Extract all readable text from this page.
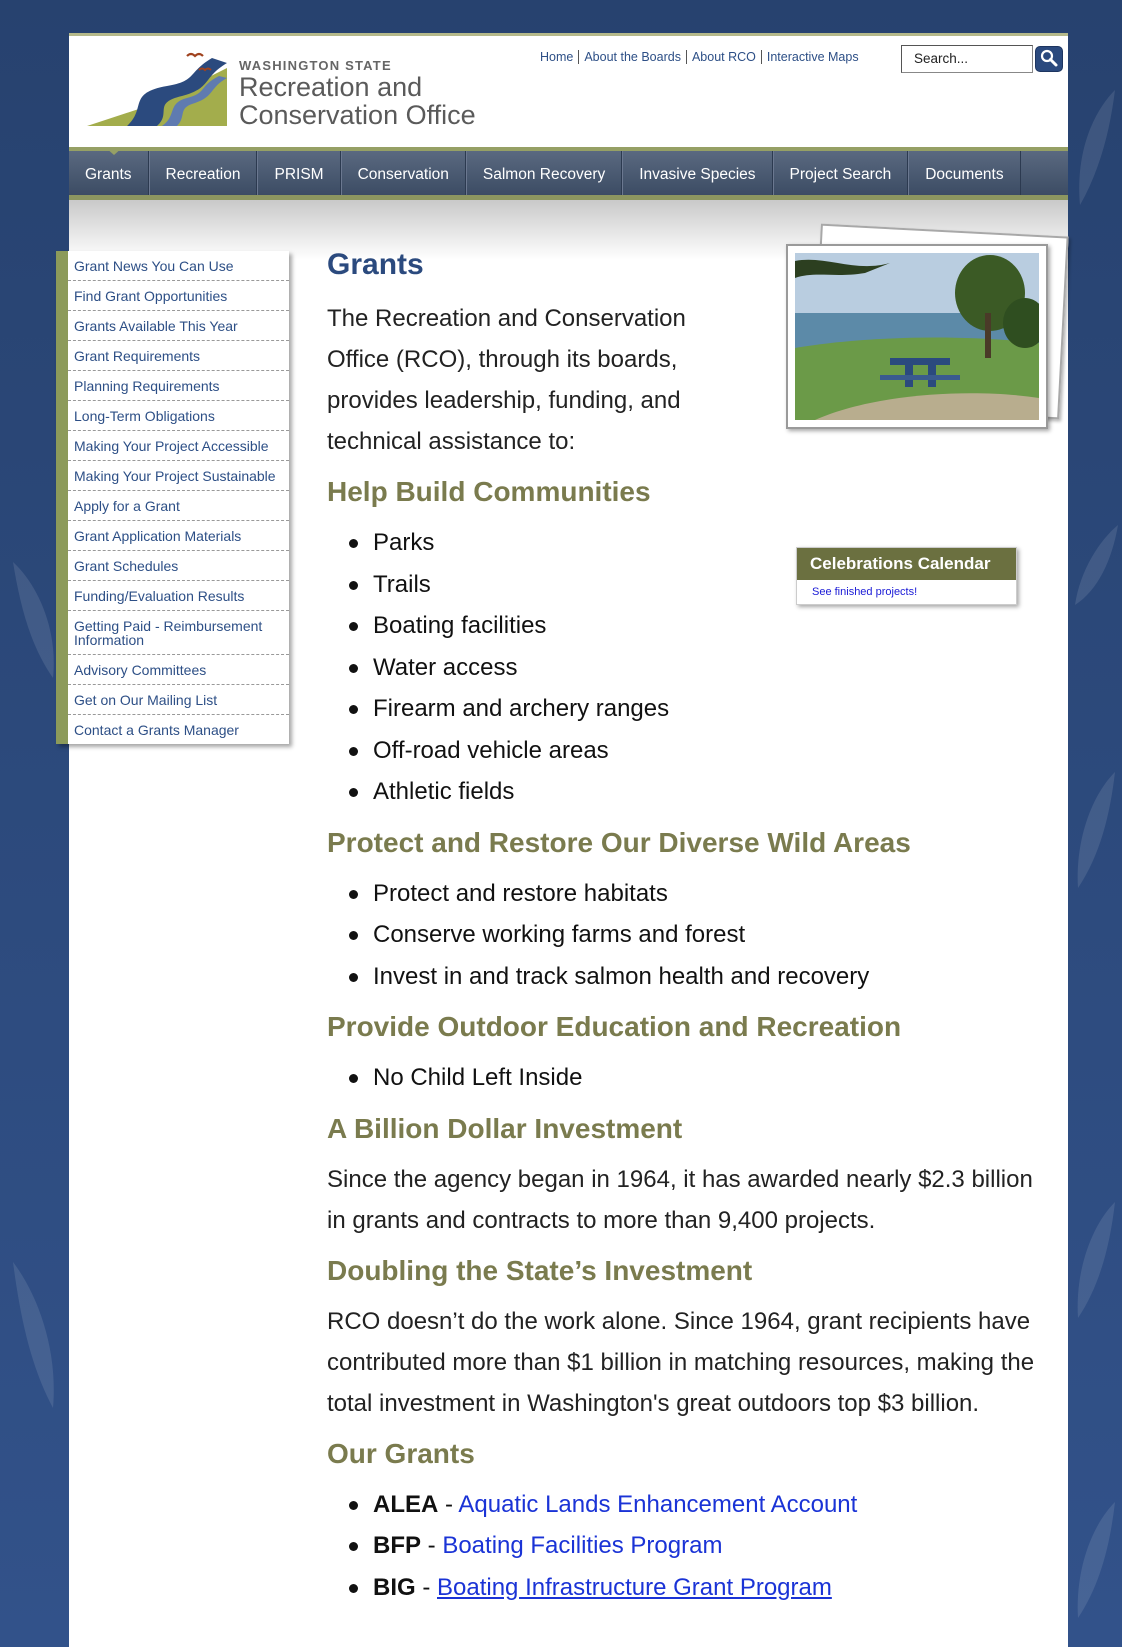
WASHINGTON STATE
Recreation and
Conservation Office
Home About the Boards About RCO Interactive Maps	Search...
Grants	Recreation	PRISM	Conservation	Salmon Recovery	Invasive Species	Project Search	Documents
Grant News You Can Use
Find Grant Opportunities
Grants Available This Year
Grant Requirements
Planning Requirements
Long-Term Obligations
Making Your Project Accessible
Making Your Project Sustainable
Apply for a Grant
Grant Application Materials
Grant Schedules
Funding/Evaluation Results
Getting Paid - Reimbursement Information
Advisory Committees
Get on Our Mailing List
Contact a Grants Manager
Celebrations Calendar
See finished projects!
Grants

The Recreation and Conservation Office (RCO), through its boards, provides leadership, funding, and technical assistance to:

Help Build Communities
Parks
Trails
Boating facilities
Water access
Firearm and archery ranges
Off-road vehicle areas
Athletic fields
Protect and Restore Our Diverse Wild Areas
Protect and restore habitats
Conserve working farms and forest
Invest in and track salmon health and recovery
Provide Outdoor Education and Recreation
No Child Left Inside
A Billion Dollar Investment

Since the agency began in 1964, it has awarded nearly $2.3 billion in grants and contracts to more than 9,400 projects.

Doubling the State’s Investment

RCO doesn’t do the work alone. Since 1964, grant recipients have contributed more than $1 billion in matching resources, making the total investment in Washington's great outdoors top $3 billion.

Our Grants
ALEA - Aquatic Lands Enhancement Account
BFP - Boating Facilities Program
BIG - Boating Infrastructure Grant Program
